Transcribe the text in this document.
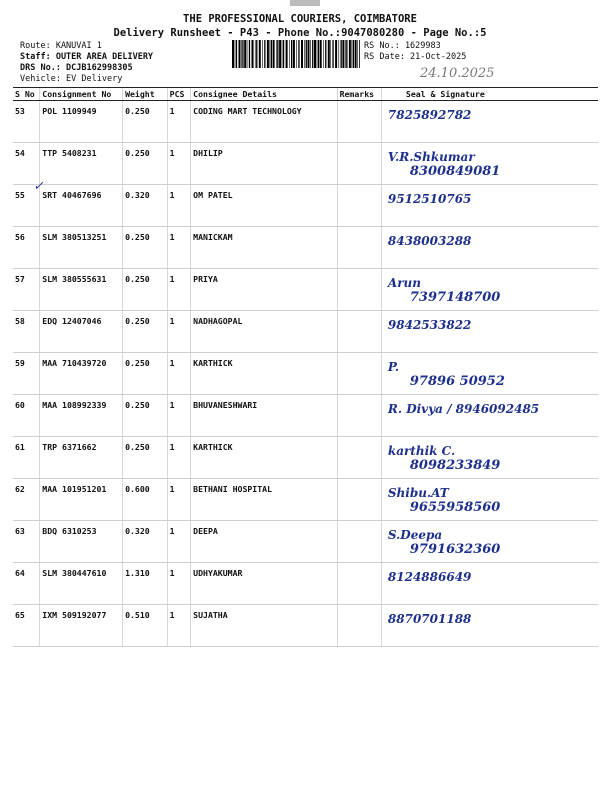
THE PROFESSIONAL COURIERS, COIMBATORE
Delivery Runsheet - P43 - Phone No.:9047080280 - Page No.:5
Route: KANUVAI 1
Staff: OUTER AREA DELIVERY
DRS No.: DCJB162998305
Vehicle: EV Delivery
RS No.: 1629983
RS Date: 21-Oct-2025
24.10.2025
S No	Consignment No	Weight	PCS	Consignee Details	Remarks	Seal & Signature
53	POL 1109949	0.250	1	CODING MART TECHNOLOGY		7825892782

54	TTP 5408231	0.250	1	DHILIP		V.R.Shkumar
8300849081

55	SRT 40467696	0.320	1	OM PATEL		9512510765

56	SLM 380513251	0.250	1	MANICKAM		8438003288

57	SLM 380555631	0.250	1	PRIYA		Arun
7397148700

58	EDQ 12407046	0.250	1	NADHAGOPAL		9842533822

59	MAA 710439720	0.250	1	KARTHICK		P.
97896 50952

60	MAA 108992339	0.250	1	BHUVANESHWARI		R. Divya / 8946092485

61	TRP 6371662	0.250	1	KARTHICK		karthik C.
8098233849

62	MAA 101951201	0.600	1	BETHANI HOSPITAL		Shibu.AT
9655958560

63	BDQ 6310253	0.320	1	DEEPA		S.Deepa
9791632360

64	SLM 380447610	1.310	1	UDHYAKUMAR		8124886649

65	IXM 509192077	0.510	1	SUJATHA		8870701188
✓
